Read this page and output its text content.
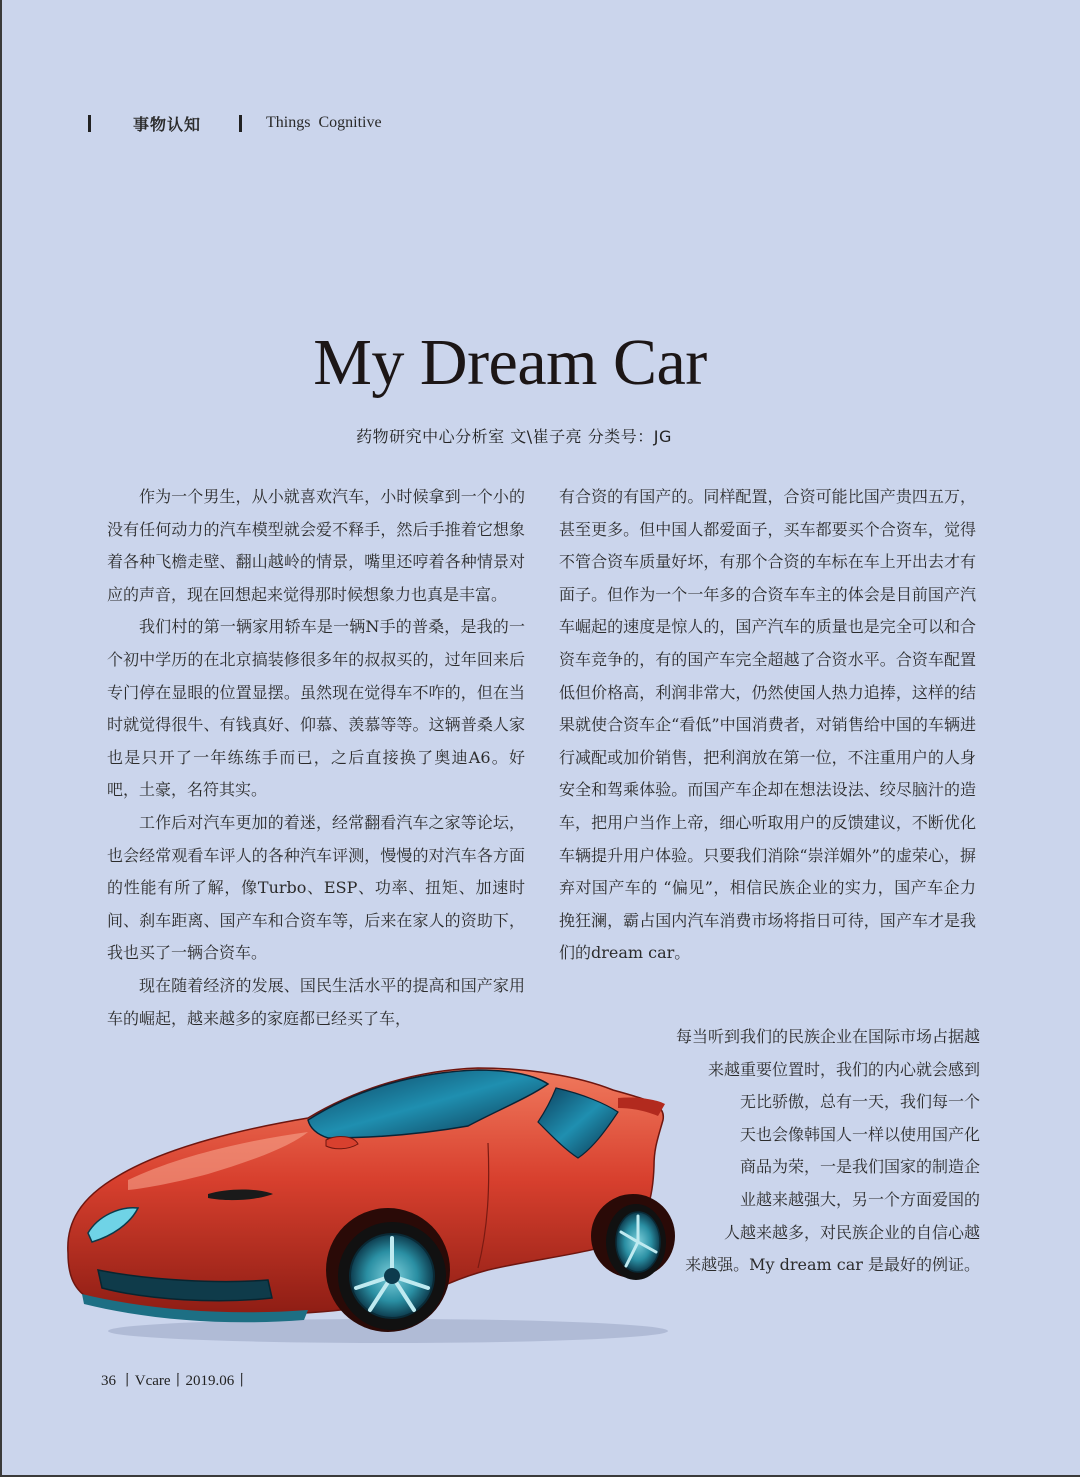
事物认知	Things Cognitive
My Dream Car
药物研究中心分析室 文\崔子亮 分类号：JG

作为一个男生，从小就喜欢汽车，小时候拿到一个小的没有任何动力的汽车模型就会爱不释手，然后手推着它想象着各种飞檐走壁、翻山越岭的情景，嘴里还哼着各种情景对应的声音，现在回想起来觉得那时候想象力也真是丰富。

我们村的第一辆家用轿车是一辆N手的普桑，是我的一个初中学历的在北京搞装修很多年的叔叔买的，过年回来后专门停在显眼的位置显摆。虽然现在觉得车不咋的，但在当时就觉得很牛、有钱真好、仰慕、羡慕等等。这辆普桑人家也是只开了一年练练手而已，之后直接换了奥迪A6。好吧，土豪，名符其实。

工作后对汽车更加的着迷，经常翻看汽车之家等论坛，也会经常观看车评人的各种汽车评测，慢慢的对汽车各方面的性能有所了解，像Turbo、ESP、功率、扭矩、加速时间、刹车距离、国产车和合资车等，后来在家人的资助下，我也买了一辆合资车。

现在随着经济的发展、国民生活水平的提高和国产家用车的崛起，越来越多的家庭都已经买了车，

有合资的有国产的。同样配置，合资可能比国产贵四五万，甚至更多。但中国人都爱面子，买车都要买个合资车，觉得不管合资车质量好坏，有那个合资的车标在车上开出去才有面子。但作为一个一年多的合资车车主的体会是目前国产汽车崛起的速度是惊人的，国产汽车的质量也是完全可以和合资车竞争的，有的国产车完全超越了合资水平。合资车配置低但价格高，利润非常大，仍然使国人热力追捧，这样的结果就使合资车企“看低”中国消费者，对销售给中国的车辆进行减配或加价销售，把利润放在第一位，不注重用户的人身安全和驾乘体验。而国产车企却在想法设法、绞尽脑汁的造车，把用户当作上帝，细心听取用户的反馈建议，不断优化车辆提升用户体验。只要我们消除“崇洋媚外”的虚荣心，摒弃对国产车的 “偏见”，相信民族企业的实力，国产车企力挽狂澜，霸占国内汽车消费市场将指日可待，国产车才是我们的dream car。

每当听到我们的民族企业在国际市场占据越

来越重要位置时，我们的内心就会感到

无比骄傲，总有一天，我们每一个

天也会像韩国人一样以使用国产化

商品为荣，一是我们国家的制造企

业越来越强大，另一个方面爱国的

人越来越多，对民族企业的自信心越

来越强。My dream car 是最好的例证。

36 丨Vcare丨2019.06丨
